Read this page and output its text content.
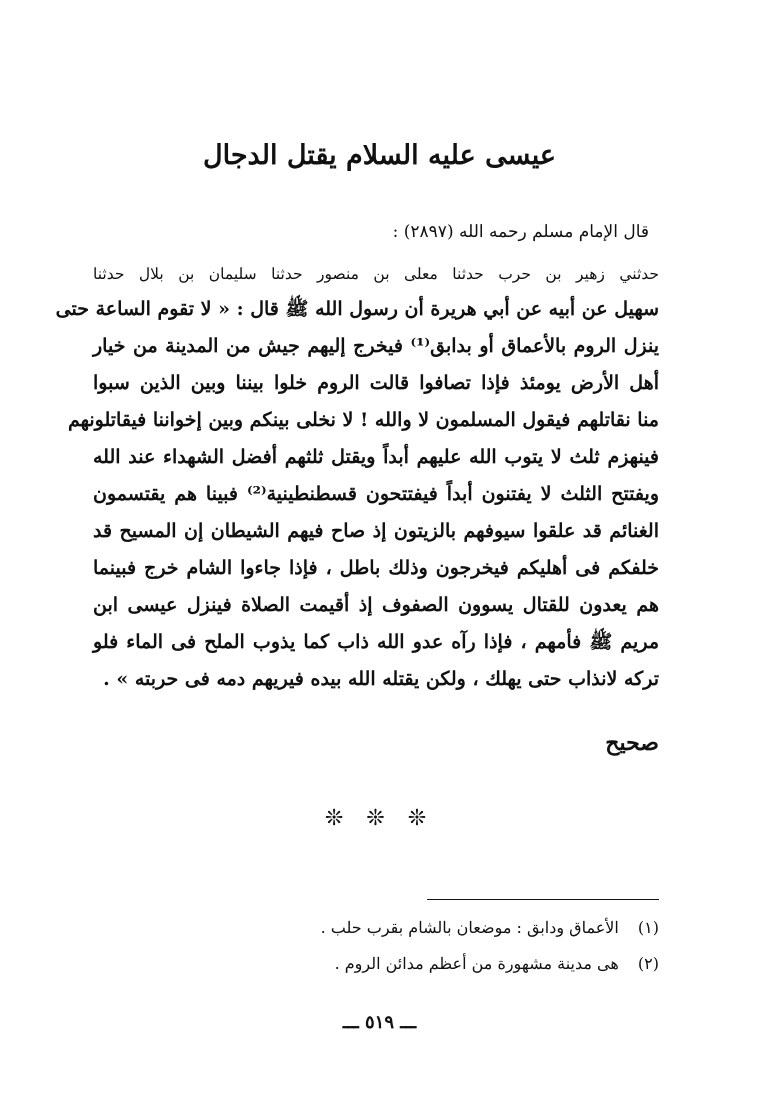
عيسى عليه السلام يقتل الدجال

قال الإمام مسلم رحمه الله (٢٨٩٧) :

حدثني زهير بن حرب حدثنا معلى بن منصور حدثنا سليمان بن بلال حدثنا
سهيل عن أبيه عن أبي هريرة أن رسول الله ﷺ قال : « لا تقوم الساعة حتى
ينزل الروم بالأعماق أو بدابق⁽¹⁾ فيخرج إليهم جيش من المدينة من خيار
أهل الأرض يومئذ فإذا تصافوا قالت الروم خلوا بيننا وبين الذين سبوا
منا نقاتلهم فيقول المسلمون لا والله ! لا نخلى بينكم وبين إخواننا فيقاتلونهم
فينهزم ثلث لا يتوب الله عليهم أبداً ويقتل ثلثهم أفضل الشهداء عند الله
ويفتتح الثلث لا يفتنون أبداً فيفتتحون قسطنطينية⁽²⁾ فبينا هم يقتسمون
الغنائم قد علقوا سيوفهم بالزيتون إذ صاح فيهم الشيطان إن المسيح قد
خلفكم فى أهليكم فيخرجون وذلك باطل ، فإذا جاءوا الشام خرج فبينما
هم يعدون للقتال يسوون الصفوف إذ أقيمت الصلاة فينزل عيسى ابن
مريم ﷺ فأمهم ، فإذا رآه عدو الله ذاب كما يذوب الملح فى الماء فلو
تركه لانذاب حتى يهلك ، ولكن يقتله الله بيده فيريهم دمه فى حربته » .

صحيح

❊ ❊ ❊

(١) الأعماق ودابق : موضعان بالشام بقرب حلب .
(٢) هى مدينة مشهورة من أعظم مدائن الروم .

ـــ ٥١٩ ـــ
